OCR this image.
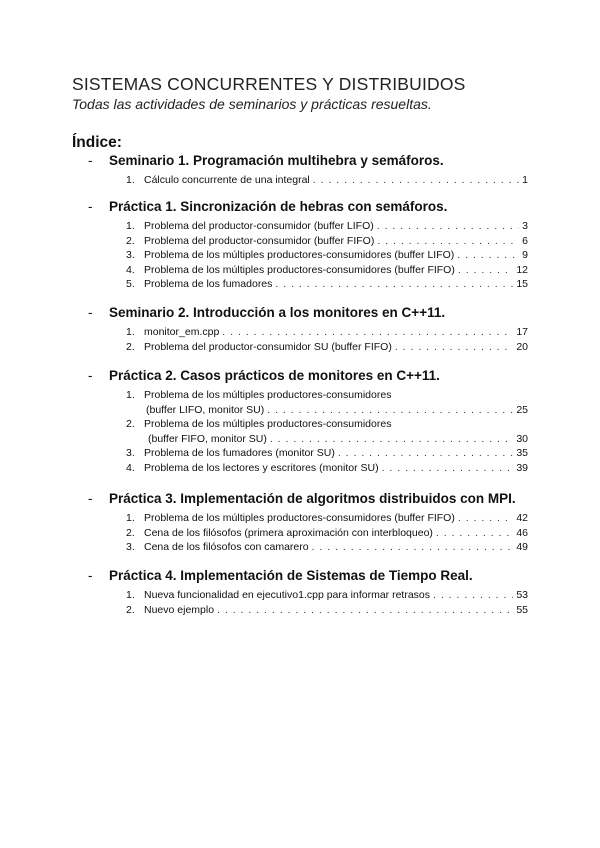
SISTEMAS CONCURRENTES Y DISTRIBUIDOS
Todas las actividades de seminarios y prácticas resueltas.
Índice:
- Seminario 1. Programación multihebra y semáforos.
1. Cálculo concurrente de una integral . . .	1
- Práctica 1. Sincronización de hebras con semáforos.
1. Problema del productor-consumidor (buffer LIFO) . . .	3
2. Problema del productor-consumidor (buffer FIFO) . . .	6
3. Problema de los múltiples productores-consumidores (buffer LIFO) . . .	9
4. Problema de los múltiples productores-consumidores (buffer FIFO) . . .	12
5. Problema de los fumadores . . .	15
- Seminario 2. Introducción a los monitores en C++11.
1. monitor_em.cpp . . .	17
2. Problema del productor-consumidor SU (buffer FIFO) . . .	20
- Práctica 2. Casos prácticos de monitores en C++11.
1. Problema de los múltiples productores-consumidores
(buffer LIFO, monitor SU) . . .	25
2. Problema de los múltiples productores-consumidores
(buffer FIFO, monitor SU) . . .	30
3. Problema de los fumadores (monitor SU) . . .	35
4. Problema de los lectores y escritores (monitor SU) . . .	39
- Práctica 3. Implementación de algoritmos distribuidos con MPI.
1. Problema de los múltiples productores-consumidores (buffer FIFO) . . .	42
2. Cena de los filósofos (primera aproximación con interbloqueo) . . .	46
3. Cena de los filósofos con camarero . . .	49
- Práctica 4. Implementación de Sistemas de Tiempo Real.
1. Nueva funcionalidad en ejecutivo1.cpp para informar retrasos . . .	53
2. Nuevo ejemplo . . .	55
